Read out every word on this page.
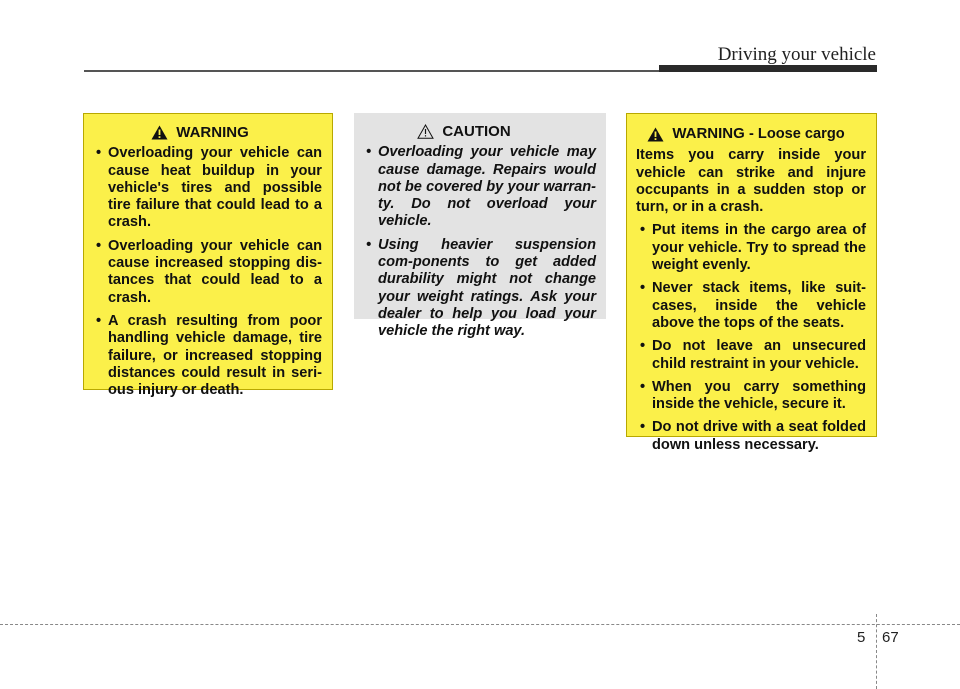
Driving your vehicle
WARNING
• Overloading your vehicle can cause heat buildup in your vehicle's tires and possible tire failure that could lead to a crash.
• Overloading your vehicle can cause increased stopping dis-tances that could lead to a crash.
• A crash resulting from poor handling vehicle damage, tire failure, or increased stopping distances could result in seri-ous injury or death.
CAUTION
• Overloading your vehicle may cause damage. Repairs would not be covered by your warran-ty. Do not overload your vehicle.
• Using heavier suspension com-ponents to get added durability might not change your weight ratings. Ask your dealer to help you load your vehicle the right way.
WARNING - Loose cargo
Items you carry inside your vehicle can strike and injure occupants in a sudden stop or turn, or in a crash.
• Put items in the cargo area of your vehicle. Try to spread the weight evenly.
• Never stack items, like suit-cases, inside the vehicle above the tops of the seats.
• Do not leave an unsecured child restraint in your vehicle.
• When you carry something inside the vehicle, secure it.
• Do not drive with a seat folded down unless necessary.
5 67
